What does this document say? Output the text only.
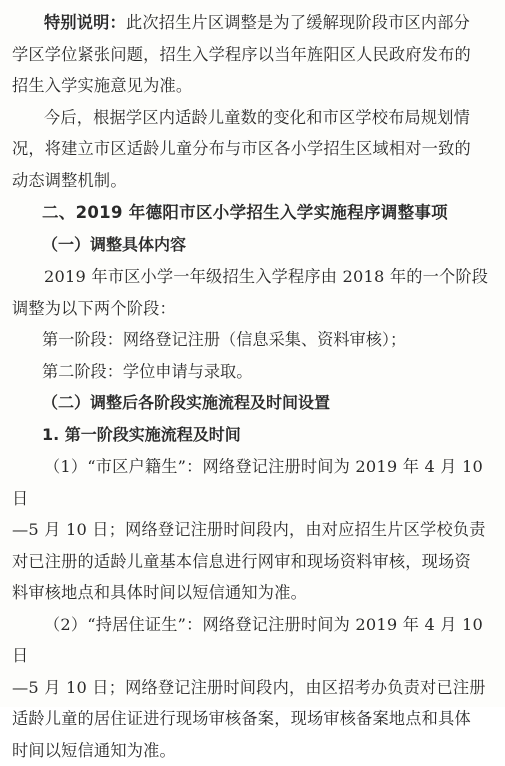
特别说明：此次招生片区调整是为了缓解现阶段市区内部分
学区学位紧张问题，招生入学程序以当年旌阳区人民政府发布的
招生入学实施意见为准。
今后，根据学区内适龄儿童数的变化和市区学校布局规划情
况，将建立市区适龄儿童分布与市区各小学招生区域相对一致的
动态调整机制。
二、2019 年德阳市区小学招生入学实施程序调整事项
（一）调整具体内容
2019 年市区小学一年级招生入学程序由 2018 年的一个阶段
调整为以下两个阶段：
第一阶段：网络登记注册（信息采集、资料审核）；
第二阶段：学位申请与录取。
（二）调整后各阶段实施流程及时间设置
1. 第一阶段实施流程及时间
（1）“市区户籍生”：网络登记注册时间为 2019 年 4 月 10 日
—5 月 10 日；网络登记注册时间段内，由对应招生片区学校负责
对已注册的适龄儿童基本信息进行网审和现场资料审核，现场资
料审核地点和具体时间以短信通知为准。
（2）“持居住证生”：网络登记注册时间为 2019 年 4 月 10 日
—5 月 10 日；网络登记注册时间段内，由区招考办负责对已注册
适龄儿童的居住证进行现场审核备案，现场审核备案地点和具体
时间以短信通知为准。
